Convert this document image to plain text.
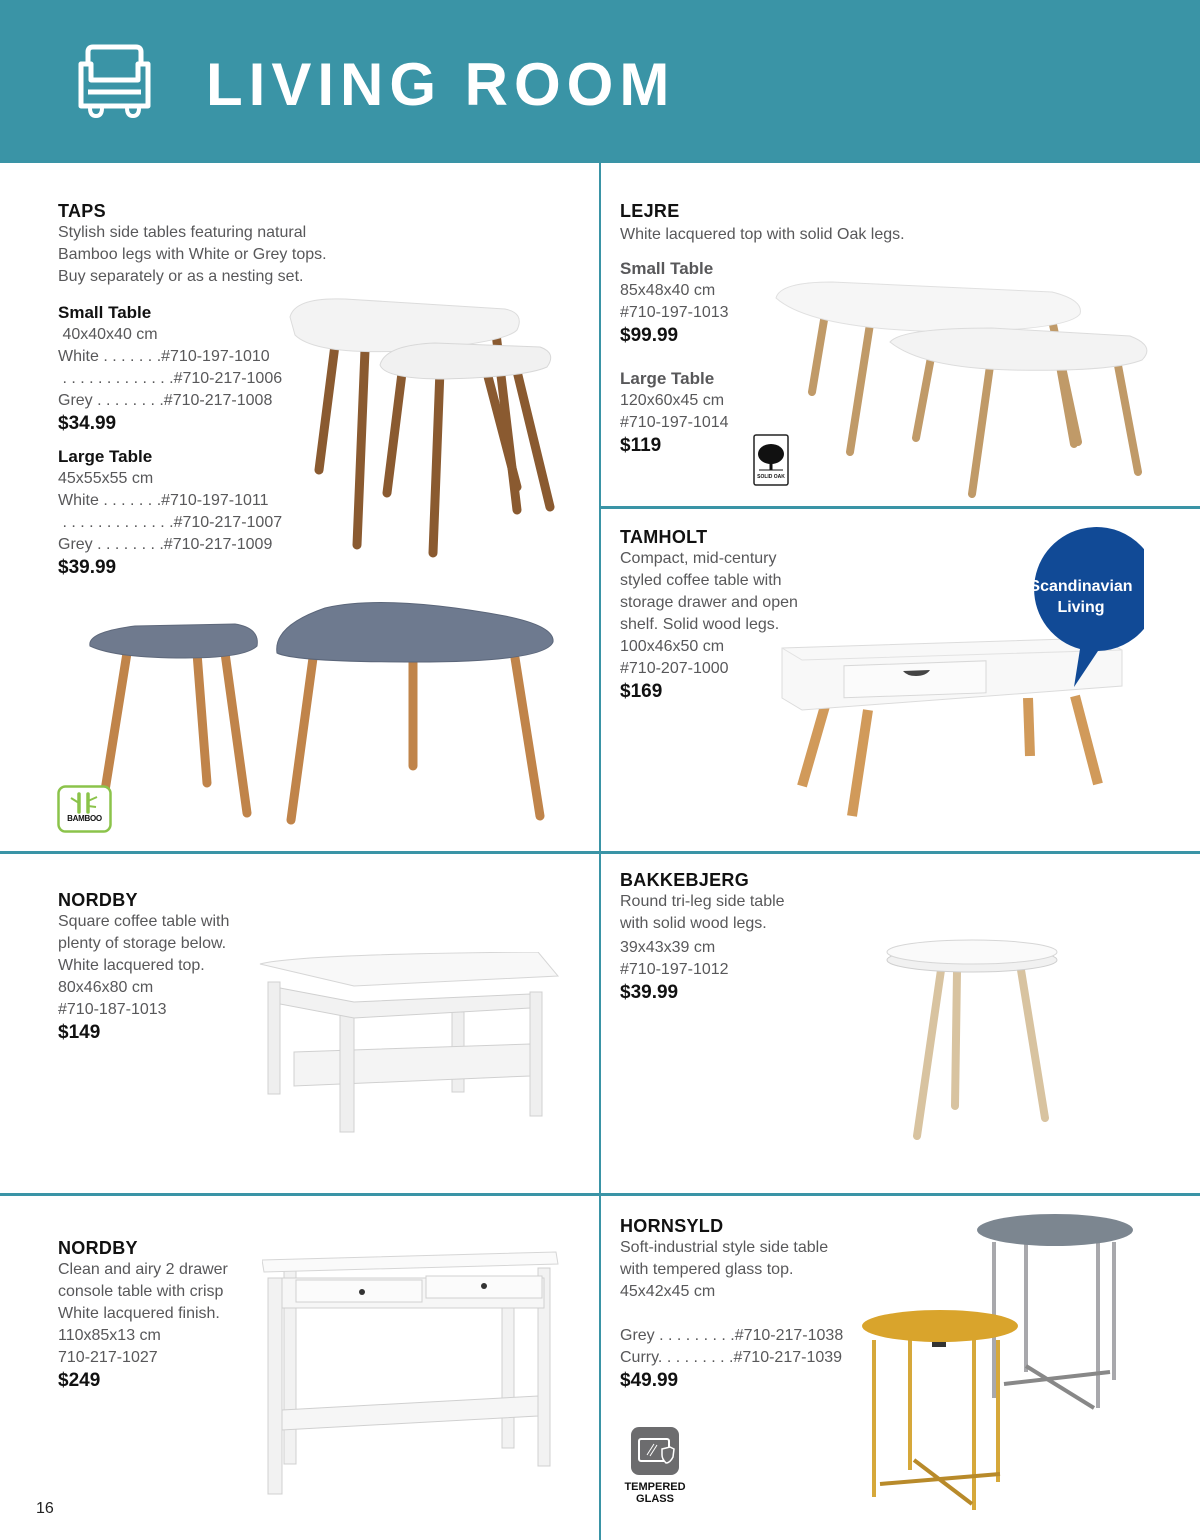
LIVING ROOM
TAPS
Stylish side tables featuring natural
Bamboo legs with White or Grey tops.
Buy separately or as a nesting set.
Small Table
40x40x40 cm
White . . . . . . .#710-197-1010
. . . . . . . . . . . . .#710-217-1006
Grey . . . . . . . .#710-217-1008
$34.99
Large Table
45x55x55 cm
White . . . . . . .#710-197-1011
. . . . . . . . . . . . .#710-217-1007
Grey . . . . . . . .#710-217-1009
$39.99
BAMBOO
LEJRE
White lacquered top with solid Oak legs.
Small Table
85x48x40 cm
#710-197-1013
$99.99
Large Table
120x60x45 cm
#710-197-1014
$119
SOLID OAK
TAMHOLT
Compact, mid-century
styled coffee table with
storage drawer and open
shelf. Solid wood legs.
100x46x50 cm
#710-207-1000
$169
Scandinavian
Living
NORDBY
Square coffee table with
plenty of storage below.
White lacquered top.
80x46x80 cm
#710-187-1013
$149
BAKKEBJERG
Round tri-leg side table
with solid wood legs.
39x43x39 cm
#710-197-1012
$39.99
NORDBY
Clean and airy 2 drawer
console table with crisp
White lacquered finish.
110x85x13 cm
710-217-1027
$249
HORNSYLD
Soft-industrial style side table
with tempered glass top.
45x42x45 cm
Grey . . . . . . . . .#710-217-1038
Curry. . . . . . . . .#710-217-1039
$49.99
TEMPERED
GLASS
16
